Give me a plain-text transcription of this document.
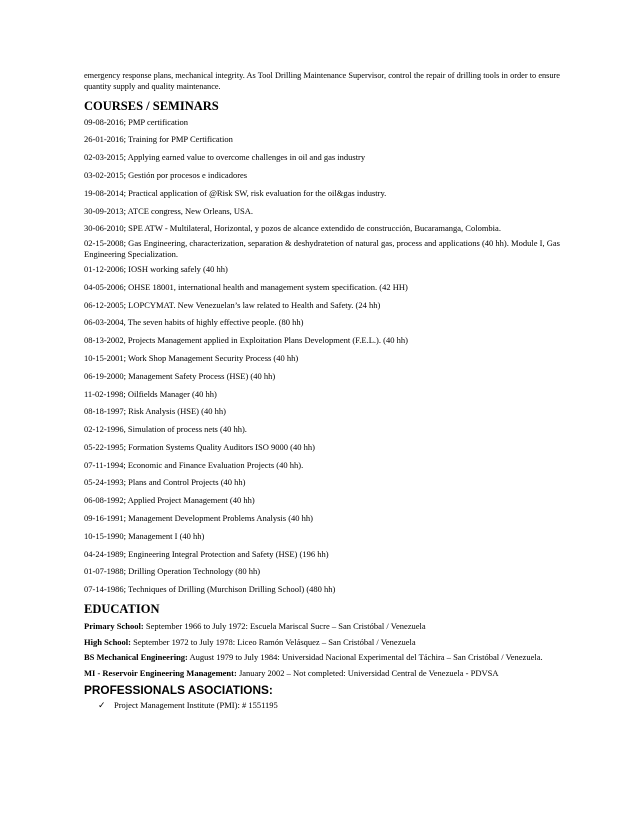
emergency response plans, mechanical integrity. As Tool Drilling Maintenance Supervisor, control the repair of drilling tools in order to ensure quantity supply and quality maintenance.

COURSES / SEMINARS

09-08-2016; PMP certification

26-01-2016; Training for PMP Certification

02-03-2015; Applying earned value to overcome challenges in oil and gas industry

03-02-2015; Gestión por procesos e indicadores

19-08-2014; Practical application of @Risk SW, risk evaluation for the oil&gas industry.

30-09-2013; ATCE congress, New Orleans, USA.

30-06-2010; SPE ATW - Multilateral, Horizontal, y pozos de alcance extendido de construcción, Bucaramanga, Colombia.

02-15-2008; Gas Engineering, characterization, separation & deshydratetion of natural gas, process and applications (40 hh). Module I, Gas Engineering Specialization.

01-12-2006; IOSH working safely (40 hh)

04-05-2006; OHSE 18001, international health and management system specification. (42 HH)

06-12-2005; LOPCYMAT. New Venezuelan’s law related to Health and Safety. (24 hh)

06-03-2004, The seven habits of highly effective people. (80 hh)

08-13-2002, Projects Management applied in Exploitation Plans Development (F.E.L.). (40 hh)

10-15-2001; Work Shop Management Security Process (40 hh)

06-19-2000; Management Safety Process (HSE) (40 hh)

11-02-1998; Oilfields Manager (40 hh)

08-18-1997; Risk Analysis (HSE) (40 hh)

02-12-1996, Simulation of process nets (40 hh).

05-22-1995; Formation Systems Quality Auditors ISO 9000 (40 hh)

07-11-1994; Economic and Finance Evaluation Projects (40 hh).

05-24-1993; Plans and Control Projects (40 hh)

06-08-1992; Applied Project Management (40 hh)

09-16-1991; Management Development Problems Analysis (40 hh)

10-15-1990; Management I (40 hh)

04-24-1989; Engineering Integral Protection and Safety (HSE) (196 hh)

01-07-1988; Drilling Operation Technology (80 hh)

07-14-1986; Techniques of Drilling (Murchison Drilling School) (480 hh)

EDUCATION

Primary School: September 1966 to July 1972: Escuela Mariscal Sucre – San Cristóbal / Venezuela

High School: September 1972 to July 1978: Liceo Ramón Velásquez – San Cristóbal / Venezuela

BS Mechanical Engineering: August 1979 to July 1984: Universidad Nacional Experimental del Táchira – San Cristóbal / Venezuela.

MI - Reservoir Engineering Management: January 2002 – Not completed: Universidad Central de Venezuela - PDVSA

PROFESSIONALS ASOCIATIONS:
✓ Project Management Institute (PMI): # 1551195
